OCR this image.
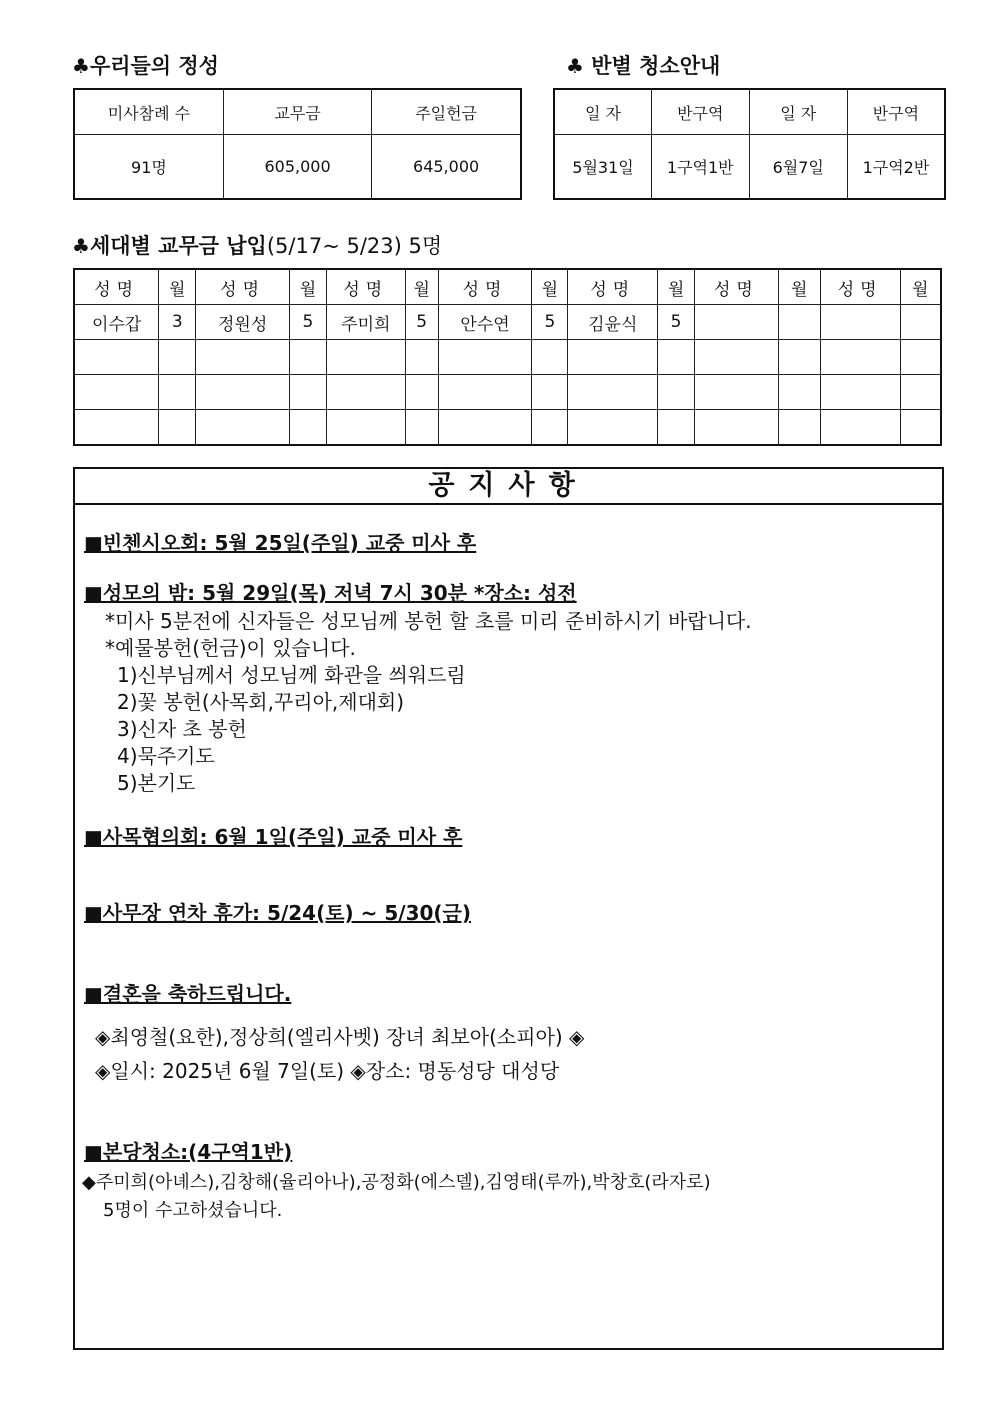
♣우리들의 정성	♣ 반별 청소안내
♣세대별 교무금 납입(5/17~ 5/23) 5명
미사참례 수	교무금	주일헌금
91명	605,000	645,000
일 자	반구역	일 자	반구역
5월31일	1구역1반	6월7일	1구역2반
성명	월	성명	월	성명	월	성명	월	성명	월	성명	월	성명	월
이수갑	3	정원성	5	주미희	5	안수연	5	김윤식	5				

공지사항
■빈첸시오회: 5월 25일(주일) 교중 미사 후
■성모의 밤: 5월 29일(목) 저녁 7시 30분 *장소: 성전
*미사 5분전에 신자들은 성모님께 봉헌 할 초를 미리 준비하시기 바랍니다.
*예물봉헌(헌금)이 있습니다.
1)신부님께서 성모님께 화관을 씌워드림
2)꽃 봉헌(사목회,꾸리아,제대회)
3)신자 초 봉헌
4)묵주기도
5)본기도
■사목협의회: 6월 1일(주일) 교중 미사 후
■사무장 연차 휴가: 5/24(토) ~ 5/30(금)
■결혼을 축하드립니다.
◈최영철(요한),정상희(엘리사벳) 장녀 최보아(소피아) ◈
◈일시: 2025년 6월 7일(토) ◈장소: 명동성당 대성당
■본당청소:(4구역1반)
◆주미희(아녜스),김창해(율리아나),공정화(에스델),김영태(루까),박창호(라자로)
5명이 수고하셨습니다.
